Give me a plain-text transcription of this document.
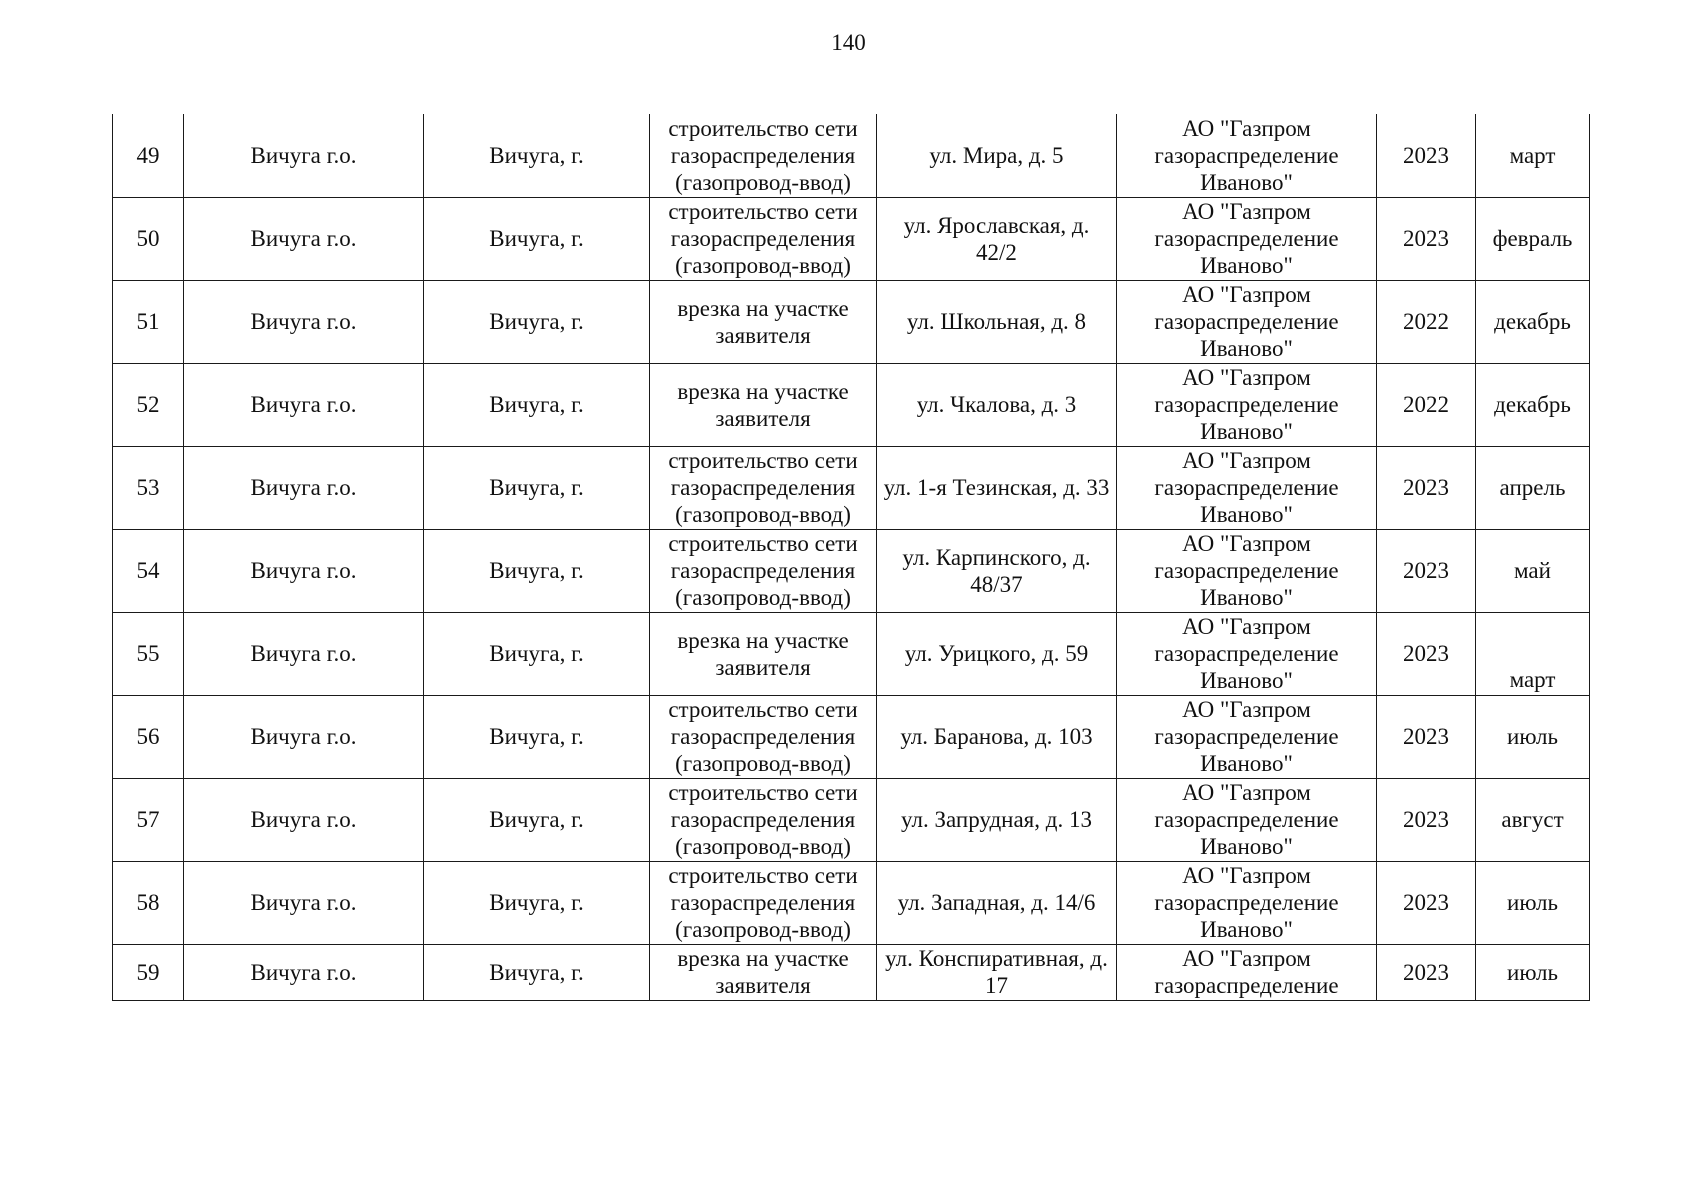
140
49	Вичуга г.о.	Вичуга, г.	строительство сети газораспределения (газопровод-ввод)	ул. Мира, д. 5	АО "Газпром газораспределение Иваново"	2023	март
50	Вичуга г.о.	Вичуга, г.	строительство сети газораспределения (газопровод-ввод)	ул. Ярославская, д. 42/2	АО "Газпром газораспределение Иваново"	2023	февраль
51	Вичуга г.о.	Вичуга, г.	врезка на участке заявителя	ул. Школьная, д. 8	АО "Газпром газораспределение Иваново"	2022	декабрь
52	Вичуга г.о.	Вичуга, г.	врезка на участке заявителя	ул. Чкалова, д. 3	АО "Газпром газораспределение Иваново"	2022	декабрь
53	Вичуга г.о.	Вичуга, г.	строительство сети газораспределения (газопровод-ввод)	ул. 1-я Тезинская, д. 33	АО "Газпром газораспределение Иваново"	2023	апрель
54	Вичуга г.о.	Вичуга, г.	строительство сети газораспределения (газопровод-ввод)	ул. Карпинского, д. 48/37	АО "Газпром газораспределение Иваново"	2023	май
55	Вичуга г.о.	Вичуга, г.	врезка на участке заявителя	ул. Урицкого, д. 59	АО "Газпром газораспределение Иваново"	2023	март
56	Вичуга г.о.	Вичуга, г.	строительство сети газораспределения (газопровод-ввод)	ул. Баранова, д. 103	АО "Газпром газораспределение Иваново"	2023	июль
57	Вичуга г.о.	Вичуга, г.	строительство сети газораспределения (газопровод-ввод)	ул. Запрудная, д. 13	АО "Газпром газораспределение Иваново"	2023	август
58	Вичуга г.о.	Вичуга, г.	строительство сети газораспределения (газопровод-ввод)	ул. Западная, д. 14/6	АО "Газпром газораспределение Иваново"	2023	июль
59	Вичуга г.о.	Вичуга, г.	врезка на участке заявителя	ул. Конспиративная, д. 17	АО "Газпром газораспределение	2023	июль
